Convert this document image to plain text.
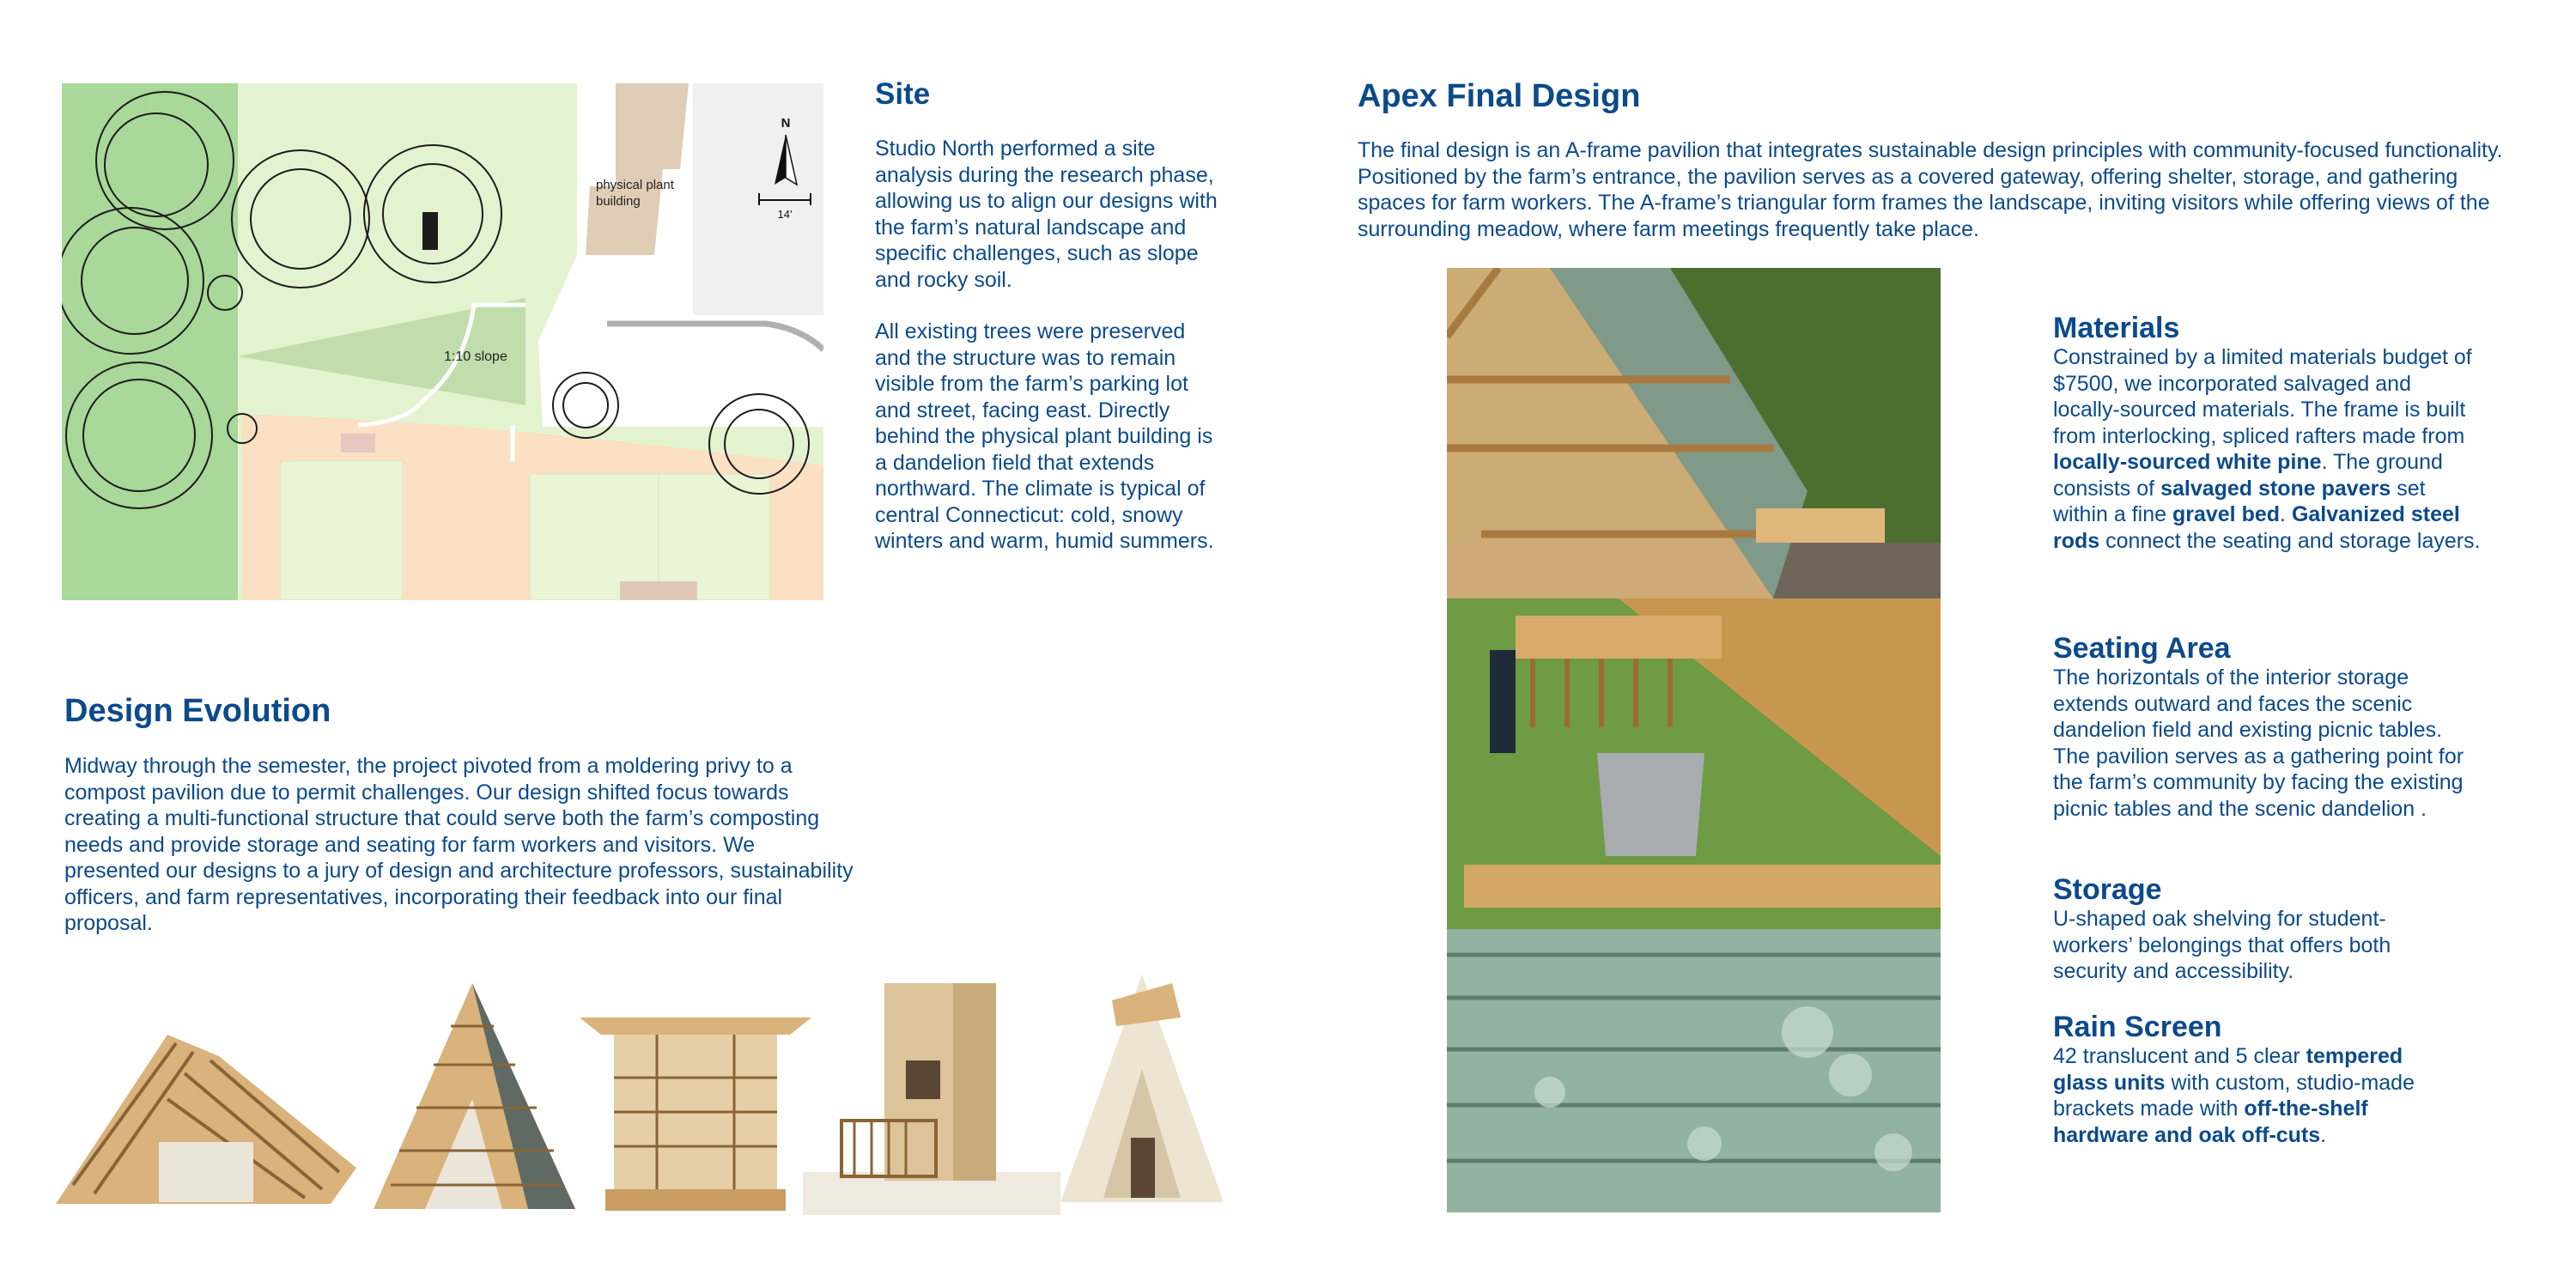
N
14'
physical plant
building
1:10 slope
Site
Studio North performed a site analysis during the research phase, allowing us to align our designs with the farm’s natural landscape and specific challenges, such as slope and rocky soil.
All existing trees were preserved and the structure was to remain visible from the farm’s parking lot and street, facing east. Directly behind the physical plant building is a dandelion field that extends northward. The climate is typical of central Connecticut: cold, snowy winters and warm, humid summers.
Design Evolution
Midway through the semester, the project pivoted from a moldering privy to a compost pavilion due to permit challenges. Our design shifted focus towards creating a multi-functional structure that could serve both the farm’s composting needs and provide storage and seating for farm workers and visitors. We presented our designs to a jury of design and architecture professors, sustainability officers, and farm representatives, incorporating their feedback into our final proposal.
Apex Final Design
The final design is an A-frame pavilion that integrates sustainable design principles with community-focused functionality. Positioned by the farm’s entrance, the pavilion serves as a covered gateway, offering shelter, storage, and gathering spaces for farm workers. The A-frame’s triangular form frames the landscape, inviting visitors while offering views of the surrounding meadow, where farm meetings frequently take place.
Materials
Constrained by a limited materials budget of $7500, we incorporated salvaged and locally-sourced materials. The frame is built from interlocking, spliced rafters made from locally-sourced white pine. The ground consists of salvaged stone pavers set within a fine gravel bed. Galvanized steel rods connect the seating and storage layers.
Seating Area
The horizontals of the interior storage extends outward and faces the scenic dandelion field and existing picnic tables. The pavilion serves as a gathering point for the farm’s community by facing the existing picnic tables and the scenic dandelion .
Storage
U-shaped oak shelving for student-workers’ belongings that offers both security and accessibility.
Rain Screen
42 translucent and 5 clear tempered glass units with custom, studio-made brackets made with off-the-shelf hardware and oak off-cuts.
